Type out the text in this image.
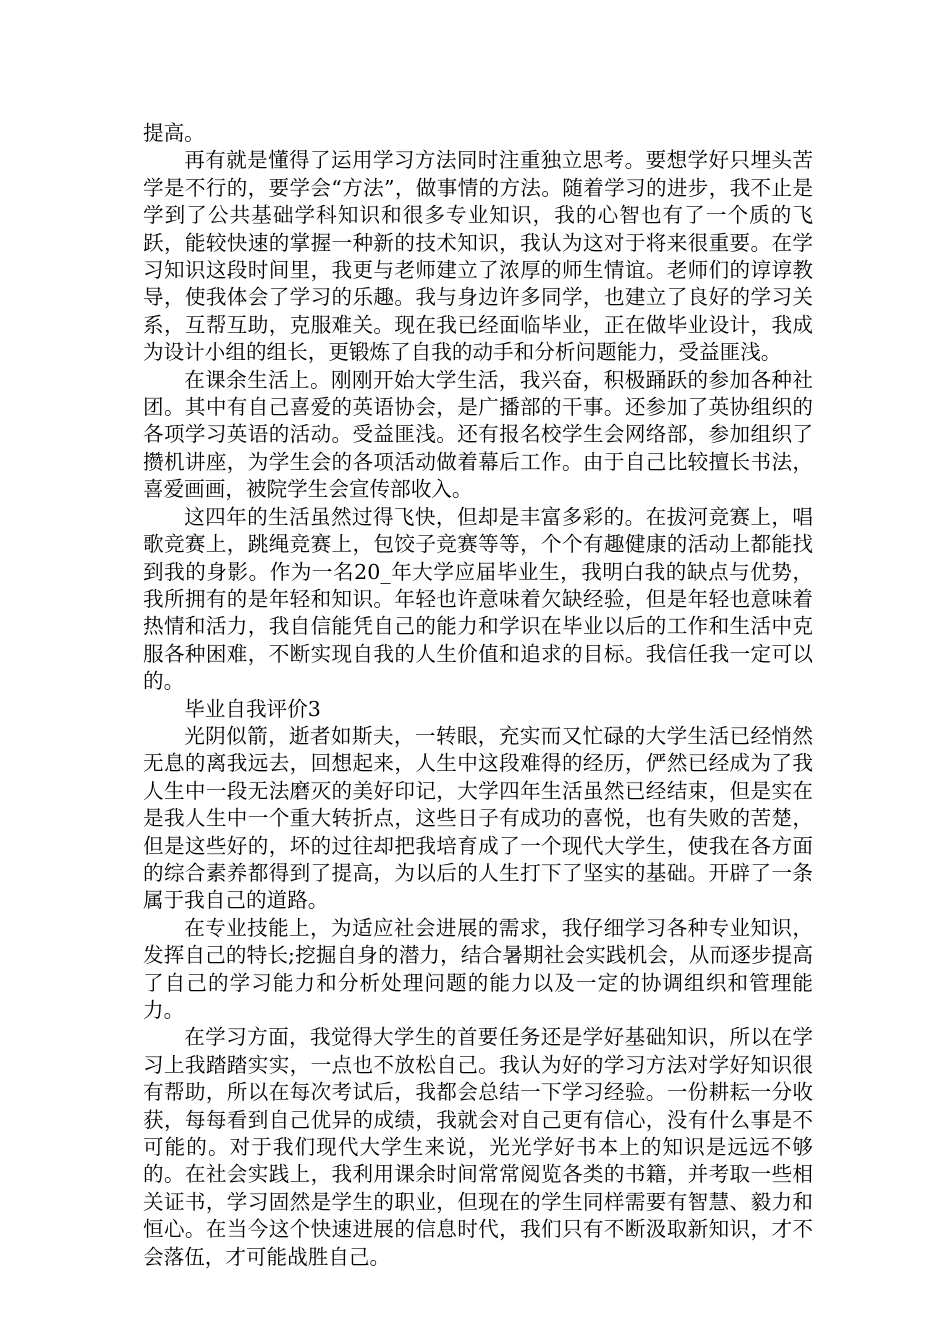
提高。

再有就是懂得了运用学习方法同时注重独立思考。要想学好只埋头苦学是不行的，要学会“方法”，做事情的方法。随着学习的进步，我不止是学到了公共基础学科知识和很多专业知识，我的心智也有了一个质的飞跃，能较快速的掌握一种新的技术知识，我认为这对于将来很重要。在学习知识这段时间里，我更与老师建立了浓厚的师生情谊。老师们的谆谆教导，使我体会了学习的乐趣。我与身边许多同学，也建立了良好的学习关系，互帮互助，克服难关。现在我已经面临毕业，正在做毕业设计，我成为设计小组的组长，更锻炼了自我的动手和分析问题能力，受益匪浅。

在课余生活上。刚刚开始大学生活，我兴奋，积极踊跃的参加各种社团。其中有自己喜爱的英语协会，是广播部的干事。还参加了英协组织的各项学习英语的活动。受益匪浅。还有报名校学生会网络部，参加组织了攒机讲座，为学生会的各项活动做着幕后工作。由于自己比较擅长书法，喜爱画画，被院学生会宣传部收入。

这四年的生活虽然过得飞快，但却是丰富多彩的。在拔河竞赛上，唱歌竞赛上，跳绳竞赛上，包饺子竞赛等等，个个有趣健康的活动上都能找到我的身影。作为一名20_年大学应届毕业生，我明白我的缺点与优势，我所拥有的是年轻和知识。年轻也许意味着欠缺经验，但是年轻也意味着热情和活力，我自信能凭自己的能力和学识在毕业以后的工作和生活中克服各种困难，不断实现自我的人生价值和追求的目标。我信任我一定可以的。

毕业自我评价3

光阴似箭，逝者如斯夫，一转眼，充实而又忙碌的大学生活已经悄然无息的离我远去，回想起来，人生中这段难得的经历，俨然已经成为了我人生中一段无法磨灭的美好印记，大学四年生活虽然已经结束，但是实在是我人生中一个重大转折点，这些日子有成功的喜悦，也有失败的苦楚，但是这些好的，坏的过往却把我培育成了一个现代大学生，使我在各方面的综合素养都得到了提高，为以后的人生打下了坚实的基础。开辟了一条属于我自己的道路。

在专业技能上，为适应社会进展的需求，我仔细学习各种专业知识，发挥自己的特长;挖掘自身的潜力，结合暑期社会实践机会，从而逐步提高了自己的学习能力和分析处理问题的能力以及一定的协调组织和管理能力。

在学习方面，我觉得大学生的首要任务还是学好基础知识，所以在学习上我踏踏实实，一点也不放松自己。我认为好的学习方法对学好知识很有帮助，所以在每次考试后，我都会总结一下学习经验。一份耕耘一分收获，每每看到自己优异的成绩，我就会对自己更有信心，没有什么事是不可能的。对于我们现代大学生来说，光光学好书本上的知识是远远不够的。在社会实践上，我利用课余时间常常阅览各类的书籍，并考取一些相关证书，学习固然是学生的职业，但现在的学生同样需要有智慧、毅力和恒心。在当今这个快速进展的信息时代，我们只有不断汲取新知识，才不会落伍，才可能战胜自己。
